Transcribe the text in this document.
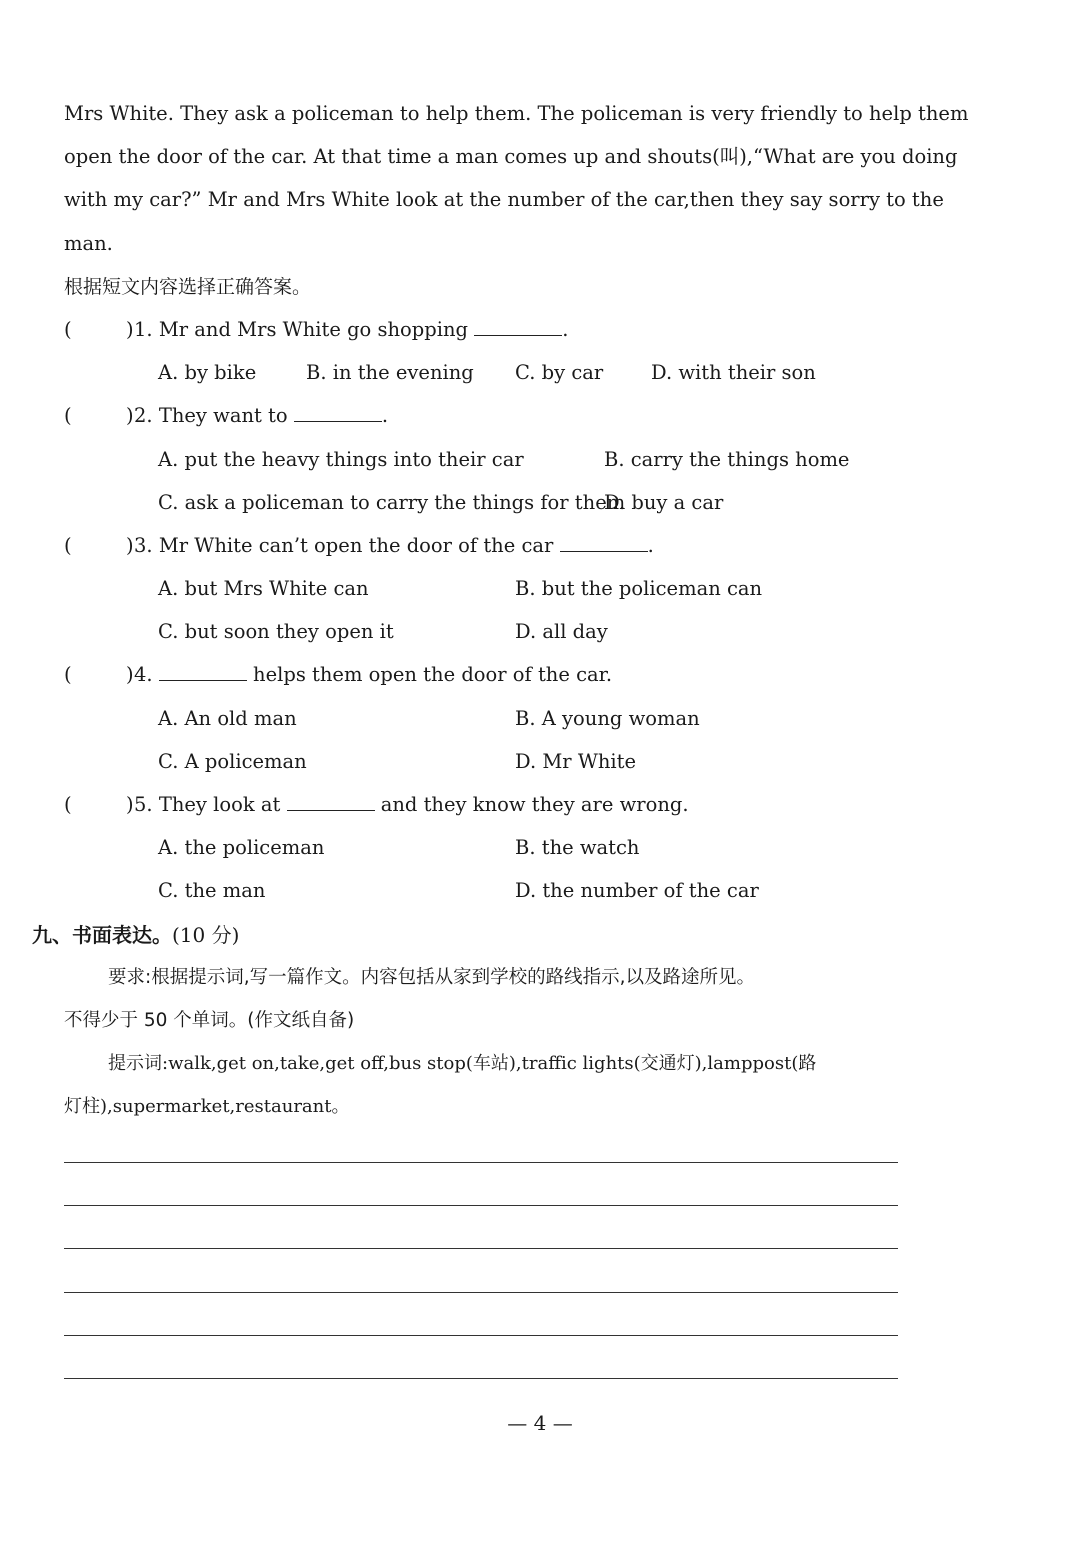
Mrs White. They ask a policeman to help them. The policeman is very friendly to help them
open the door of the car. At that time a man comes up and shouts(叫),“What are you doing
with my car?” Mr and Mrs White look at the number of the car,then they say sorry to the
man.
根据短文内容选择正确答案。
(	)1. Mr and Mrs White go shopping	.
A. by bike	B. in the evening C. by car D. with their son
(	)2. They want to	.
A. put the heavy things into their car	B. carry the things home
C. ask a policeman to carry the things for them
D. buy a car
(	)3. Mr White can’t open the door of the car	.
A. but Mrs White can	B. but the policeman can
C. but soon they open it	D. all day
(	)4.	helps them open the door of the car.
A. An old man	B. A young woman
C. A policeman	D. Mr White
(	)5. They look at	and they know they are wrong.
A. the policeman	B. the watch
C. the man	D. the number of the car
九、书面表达。(10 分)
要求:根据提示词,写一篇作文。内容包括从家到学校的路线指示,以及路途所见。
不得少于 50 个单词。(作文纸自备)
提示词:walk,get on,take,get off,bus stop(车站),traffic lights(交通灯),lamppost(路
灯柱),supermarket,restaurant。
— 4 —
